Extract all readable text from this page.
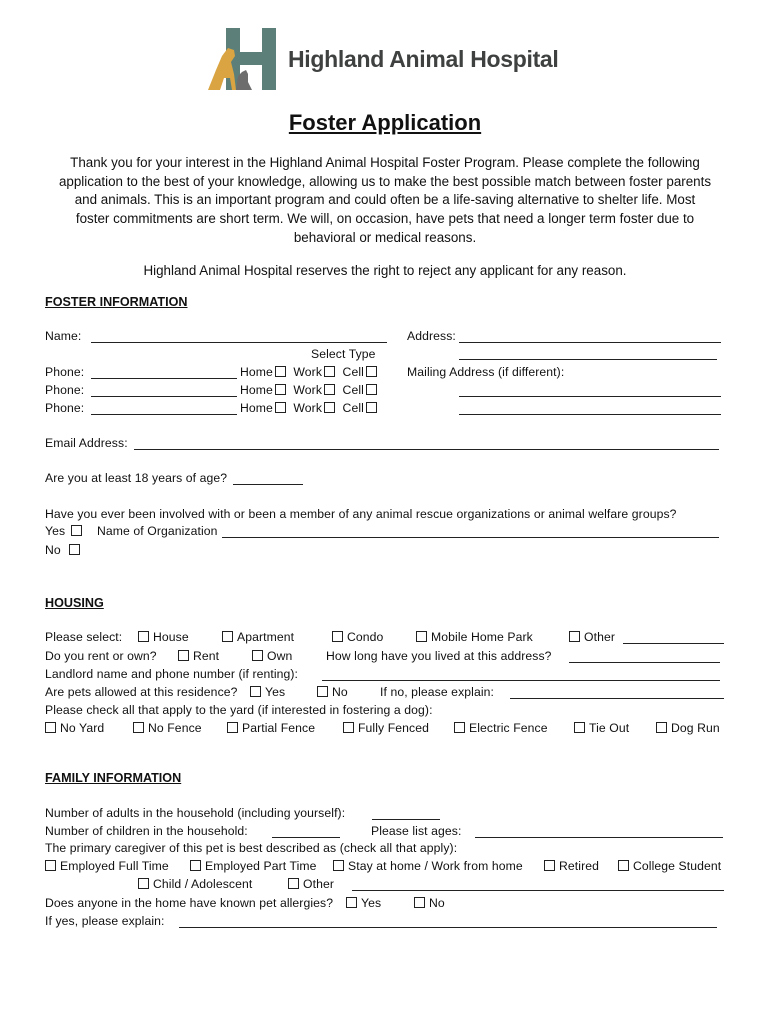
Highland Animal Hospital
Foster Application
Thank you for your interest in the Highland Animal Hospital Foster Program. Please complete the following
application to the best of your knowledge, allowing us to make the best possible match between foster parents
and animals. This is an important program and could often be a life-saving alternative to shelter life. Most
foster commitments are short term. We will, on occasion, have pets that need a longer term foster due to
behavioral or medical reasons.
Highland Animal Hospital reserves the right to reject any applicant for any reason.
FOSTER INFORMATION
Name:	Address:
Select Type
Phone:	Home Work Cell	Mailing Address (if different):
Phone:	Home Work Cell
Phone:	Home Work Cell
Email Address:
Are you at least 18 years of age?
Have you ever been involved with or been a member of any animal rescue organizations or animal welfare groups?
Yes	Name of Organization
No
HOUSING
Please select:	House	Apartment	Condo	Mobile Home Park	Other
Do you rent or own?	Rent	Own	How long have you lived at this address?
Landlord name and phone number (if renting):
Are pets allowed at this residence?	Yes	No	If no, please explain:
Please check all that apply to the yard (if interested in fostering a dog):
No Yard	No Fence	Partial Fence	Fully Fenced	Electric Fence	Tie Out	Dog Run
FAMILY INFORMATION
Number of adults in the household (including yourself):
Number of children in the household:	Please list ages:
The primary caregiver of this pet is best described as (check all that apply):
Employed Full Time	Employed Part Time	Stay at home / Work from home	Retired	College Student
Child / Adolescent	Other
Does anyone in the home have known pet allergies?	Yes	No
If yes, please explain:
